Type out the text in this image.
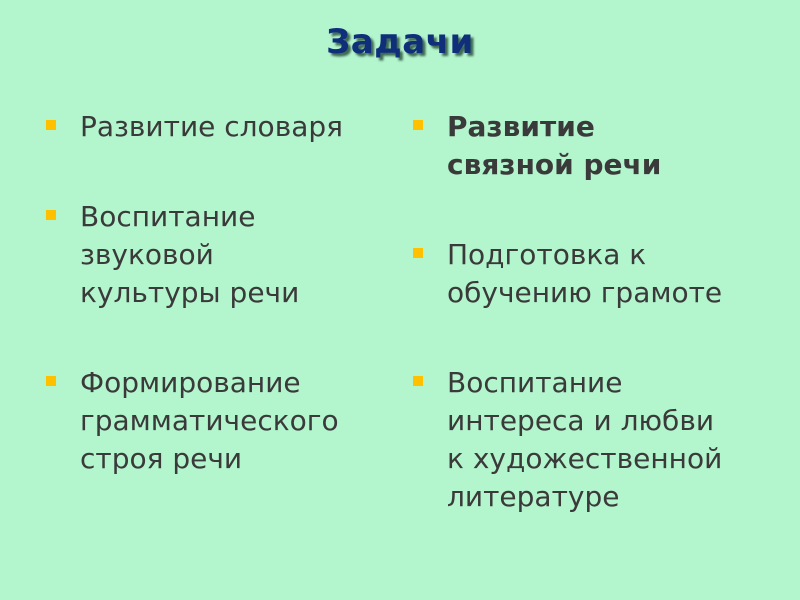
Задачи
Развитие словаря
Воспитание
звуковой
культуры речи
Формирование
грамматического
строя речи
Развитие
связной речи
Подготовка к
обучению грамоте
Воспитание
интереса и любви
к художественной
литературе
